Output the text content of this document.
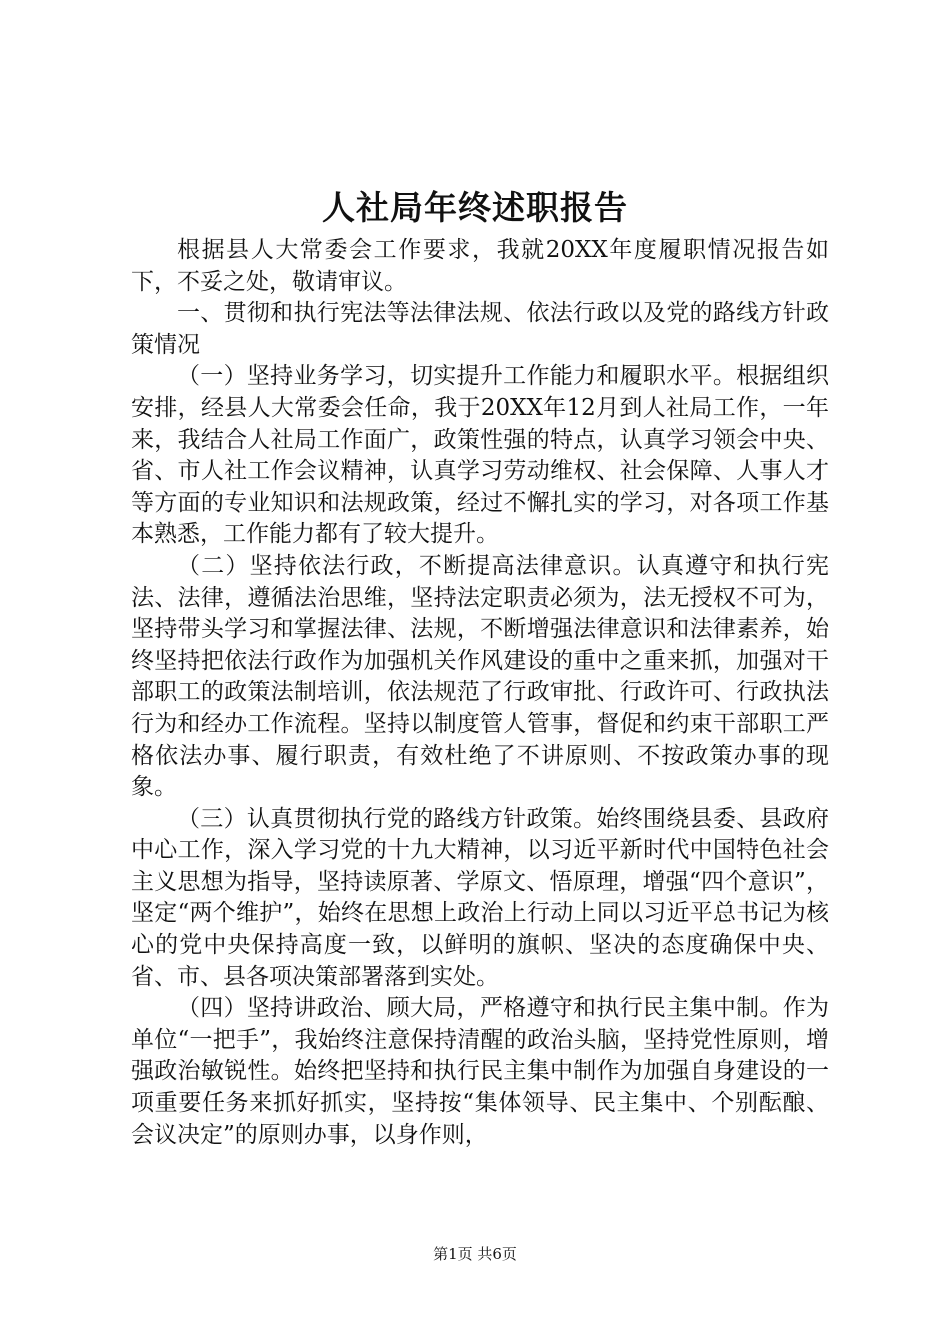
人社局年终述职报告

根据县人大常委会工作要求，我就20XX年度履职情况报告如下，不妥之处，敬请审议。

一、贯彻和执行宪法等法律法规、依法行政以及党的路线方针政策情况

（一）坚持业务学习，切实提升工作能力和履职水平。根据组织安排，经县人大常委会任命，我于20XX年12月到人社局工作，一年来，我结合人社局工作面广，政策性强的特点，认真学习领会中央、省、市人社工作会议精神，认真学习劳动维权、社会保障、人事人才等方面的专业知识和法规政策，经过不懈扎实的学习，对各项工作基本熟悉，工作能力都有了较大提升。

（二）坚持依法行政，不断提高法律意识。认真遵守和执行宪法、法律，遵循法治思维，坚持法定职责必须为，法无授权不可为，坚持带头学习和掌握法律、法规，不断增强法律意识和法律素养，始终坚持把依法行政作为加强机关作风建设的重中之重来抓，加强对干部职工的政策法制培训，依法规范了行政审批、行政许可、行政执法行为和经办工作流程。坚持以制度管人管事，督促和约束干部职工严格依法办事、履行职责，有效杜绝了不讲原则、不按政策办事的现象。

（三）认真贯彻执行党的路线方针政策。始终围绕县委、县政府中心工作，深入学习党的十九大精神，以习近平新时代中国特色社会主义思想为指导，坚持读原著、学原文、悟原理，增强“四个意识”，坚定“两个维护”，始终在思想上政治上行动上同以习近平总书记为核心的党中央保持高度一致，以鲜明的旗帜、坚决的态度确保中央、省、市、县各项决策部署落到实处。

（四）坚持讲政治、顾大局，严格遵守和执行民主集中制。作为单位“一把手”，我始终注意保持清醒的政治头脑，坚持党性原则，增强政治敏锐性。始终把坚持和执行民主集中制作为加强自身建设的一项重要任务来抓好抓实，坚持按“集体领导、民主集中、个别酝酿、会议决定”的原则办事，以身作则，

第1页 共6页
